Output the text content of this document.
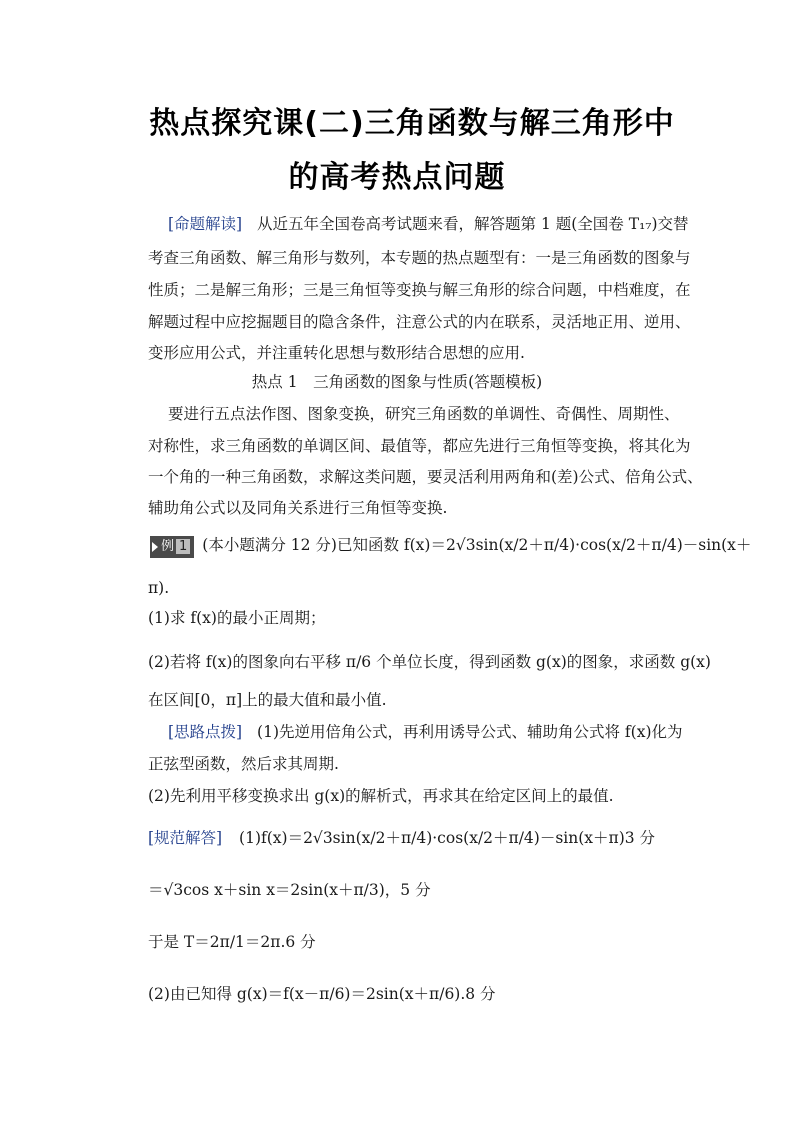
热点探究课(二)三角函数与解三角形中
的高考热点问题
[命题解读] 从近五年全国卷高考试题来看，解答题第 1 题(全国卷 T₁₇)交替
考查三角函数、解三角形与数列，本专题的热点题型有：一是三角函数的图象与
性质；二是解三角形；三是三角恒等变换与解三角形的综合问题，中档难度，在
解题过程中应挖掘题目的隐含条件，注意公式的内在联系，灵活地正用、逆用、
变形应用公式，并注重转化思想与数形结合思想的应用.
热点 1　三角函数的图象与性质(答题模板)
要进行五点法作图、图象变换，研究三角函数的单调性、奇偶性、周期性、
对称性，求三角函数的单调区间、最值等，都应先进行三角恒等变换，将其化为
一个角的一种三角函数，求解这类问题，要灵活利用两角和(差)公式、倍角公式、
辅助角公式以及同角关系进行三角恒等变换.
例 1 (本小题满分 12 分)已知函数 f(x)＝2√3sin(x/2＋π/4)·cos(x/2＋π/4)－sin(x＋
π).
(1)求 f(x)的最小正周期；
(2)若将 f(x)的图象向右平移 π/6 个单位长度，得到函数 g(x)的图象，求函数 g(x)
在区间[0，π]上的最大值和最小值.
[思路点拨] (1)先逆用倍角公式，再利用诱导公式、辅助角公式将 f(x)化为
正弦型函数，然后求其周期.
(2)先利用平移变换求出 g(x)的解析式，再求其在给定区间上的最值.
[规范解答] (1)f(x)＝2√3sin(x/2＋π/4)·cos(x/2＋π/4)－sin(x＋π)3 分
＝√3cos x＋sin x＝2sin(x＋π/3)，5 分
于是 T＝2π/1＝2π.6 分
(2)由已知得 g(x)＝f(x－π/6)＝2sin(x＋π/6).8 分
